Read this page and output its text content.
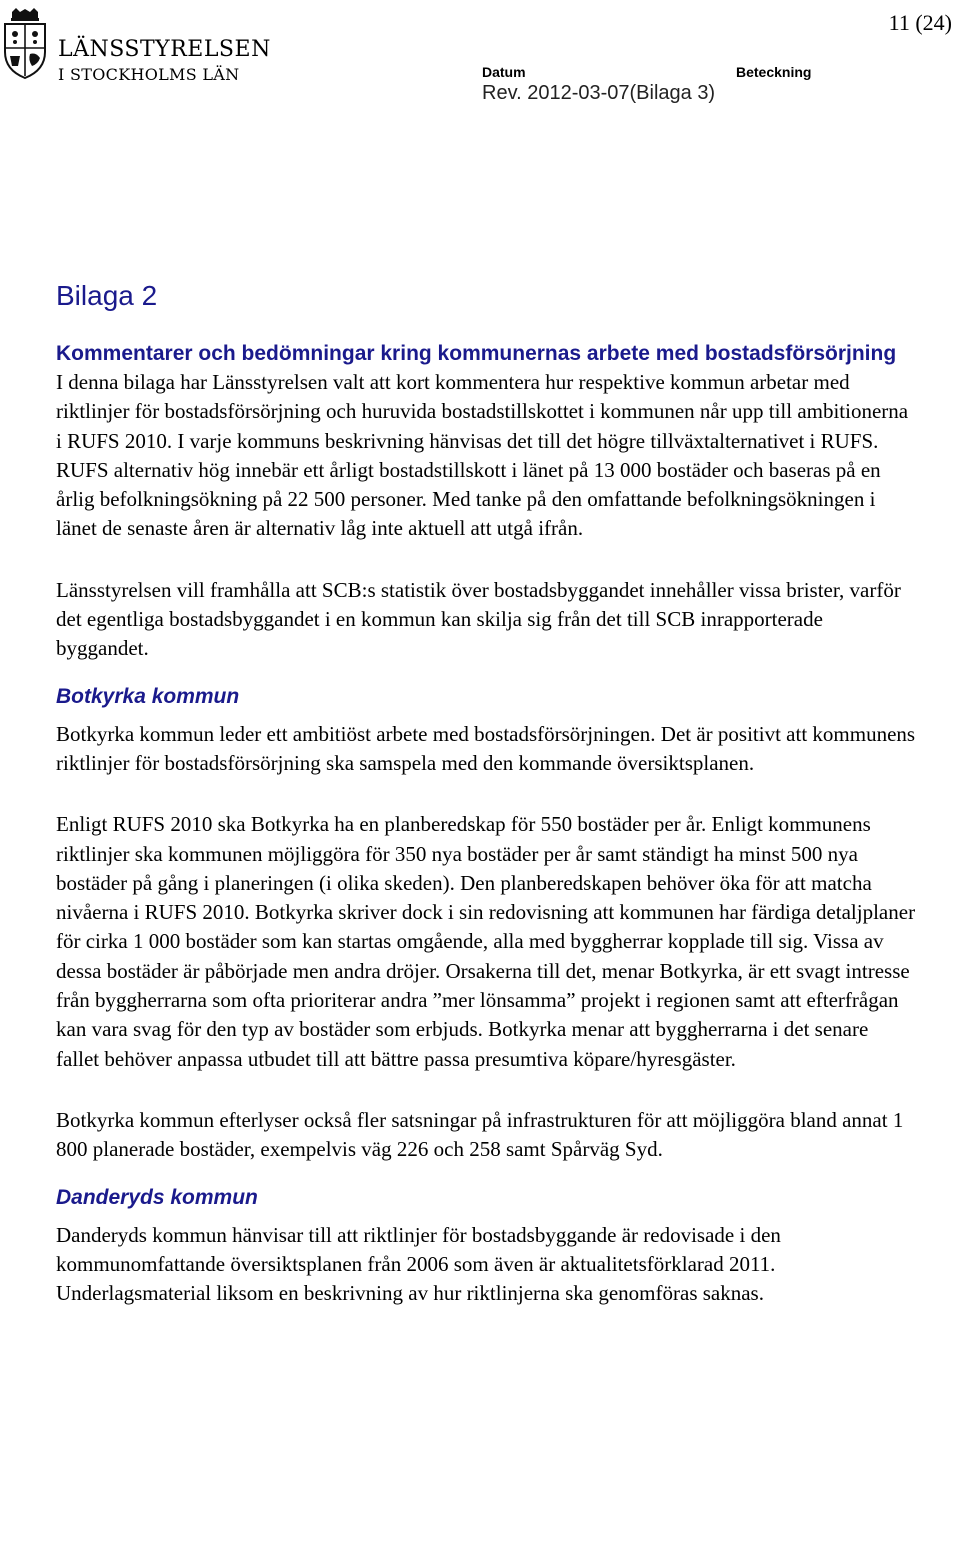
LÄNSSTYRELSEN
I STOCKHOLMS LÄN
11 (24)
Datum
Rev. 2012-03-07(Bilaga 3)
Beteckning
Bilaga 2
Kommentarer och bedömningar kring kommunernas arbete med bostadsförsörjning

I denna bilaga har Länsstyrelsen valt att kort kommentera hur respektive kommun arbetar med riktlinjer för bostadsförsörjning och huruvida bostadstillskottet i kommunen når upp till ambitionerna i RUFS 2010. I varje kommuns beskrivning hänvisas det till det högre tillväxtalternativet i RUFS. RUFS alternativ hög innebär ett årligt bostadstillskott i länet på 13 000 bostäder och baseras på en årlig befolkningsökning på 22 500 personer. Med tanke på den omfattande befolkningsökningen i länet de senaste åren är alternativ låg inte aktuell att utgå ifrån.

Länsstyrelsen vill framhålla att SCB:s statistik över bostadsbyggandet innehåller vissa brister, varför det egentliga bostadsbyggandet i en kommun kan skilja sig från det till SCB inrapporterade byggandet.

Botkyrka kommun

Botkyrka kommun leder ett ambitiöst arbete med bostadsförsörjningen. Det är positivt att kommunens riktlinjer för bostadsförsörjning ska samspela med den kommande översiktsplanen.

Enligt RUFS 2010 ska Botkyrka ha en planberedskap för 550 bostäder per år. Enligt kommunens riktlinjer ska kommunen möjliggöra för 350 nya bostäder per år samt ständigt ha minst 500 nya bostäder på gång i planeringen (i olika skeden). Den planberedskapen behöver öka för att matcha nivåerna i RUFS 2010. Botkyrka skriver dock i sin redovisning att kommunen har färdiga detaljplaner för cirka 1 000 bostäder som kan startas omgående, alla med byggherrar kopplade till sig. Vissa av dessa bostäder är påbörjade men andra dröjer. Orsakerna till det, menar Botkyrka, är ett svagt intresse från byggherrarna som ofta prioriterar andra ”mer lönsamma” projekt i regionen samt att efterfrågan kan vara svag för den typ av bostäder som erbjuds. Botkyrka menar att byggherrarna i det senare fallet behöver anpassa utbudet till att bättre passa presumtiva köpare/hyresgäster.

Botkyrka kommun efterlyser också fler satsningar på infrastrukturen för att möjliggöra bland annat 1 800 planerade bostäder, exempelvis väg 226 och 258 samt Spårväg Syd.

Danderyds kommun

Danderyds kommun hänvisar till att riktlinjer för bostadsbyggande är redovisade i den kommunomfattande översiktsplanen från 2006 som även är aktualitetsförklarad 2011. Underlagsmaterial liksom en beskrivning av hur riktlinjerna ska genomföras saknas.
